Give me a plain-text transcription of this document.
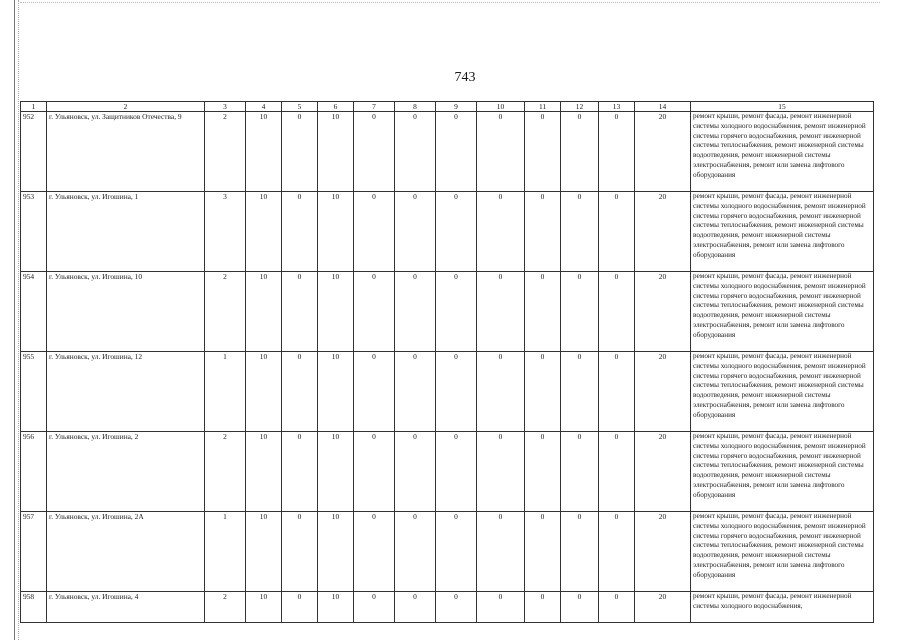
743
1	2	3	4	5	6	7	8	9	10	11	12	13	14	15
952	г. Ульяновск, ул. Защитников Отечества, 9	2	10	0	10	0	0	0	0	0	0	0	20	ремонт крыши, ремонт фасада, ремонт инженерной системы холодного водоснабжения, ремонт инженерной системы горячего водоснабжения, ремонт инженерной системы теплоснабжения, ремонт инженерной системы водоотведения, ремонт инженерной системы электроснабжения, ремонт или замена лифтового оборудования
953	г. Ульяновск, ул. Игошина, 1	3	10	0	10	0	0	0	0	0	0	0	20	ремонт крыши, ремонт фасада, ремонт инженерной системы холодного водоснабжения, ремонт инженерной системы горячего водоснабжения, ремонт инженерной системы теплоснабжения, ремонт инженерной системы водоотведения, ремонт инженерной системы электроснабжения, ремонт или замена лифтового оборудования
954	г. Ульяновск, ул. Игошина, 10	2	10	0	10	0	0	0	0	0	0	0	20	ремонт крыши, ремонт фасада, ремонт инженерной системы холодного водоснабжения, ремонт инженерной системы горячего водоснабжения, ремонт инженерной системы теплоснабжения, ремонт инженерной системы водоотведения, ремонт инженерной системы электроснабжения, ремонт или замена лифтового оборудования
955	г. Ульяновск, ул. Игошина, 12	1	10	0	10	0	0	0	0	0	0	0	20	ремонт крыши, ремонт фасада, ремонт инженерной системы холодного водоснабжения, ремонт инженерной системы горячего водоснабжения, ремонт инженерной системы теплоснабжения, ремонт инженерной системы водоотведения, ремонт инженерной системы электроснабжения, ремонт или замена лифтового оборудования
956	г. Ульяновск, ул. Игошина, 2	2	10	0	10	0	0	0	0	0	0	0	20	ремонт крыши, ремонт фасада, ремонт инженерной системы холодного водоснабжения, ремонт инженерной системы горячего водоснабжения, ремонт инженерной системы теплоснабжения, ремонт инженерной системы водоотведения, ремонт инженерной системы электроснабжения, ремонт или замена лифтового оборудования
957	г. Ульяновск, ул. Игошина, 2А	1	10	0	10	0	0	0	0	0	0	0	20	ремонт крыши, ремонт фасада, ремонт инженерной системы холодного водоснабжения, ремонт инженерной системы горячего водоснабжения, ремонт инженерной системы теплоснабжения, ремонт инженерной системы водоотведения, ремонт инженерной системы электроснабжения, ремонт или замена лифтового оборудования
958	г. Ульяновск, ул. Игошина, 4	2	10	0	10	0	0	0	0	0	0	0	20	ремонт крыши, ремонт фасада, ремонт инженерной системы холодного водоснабжения,
